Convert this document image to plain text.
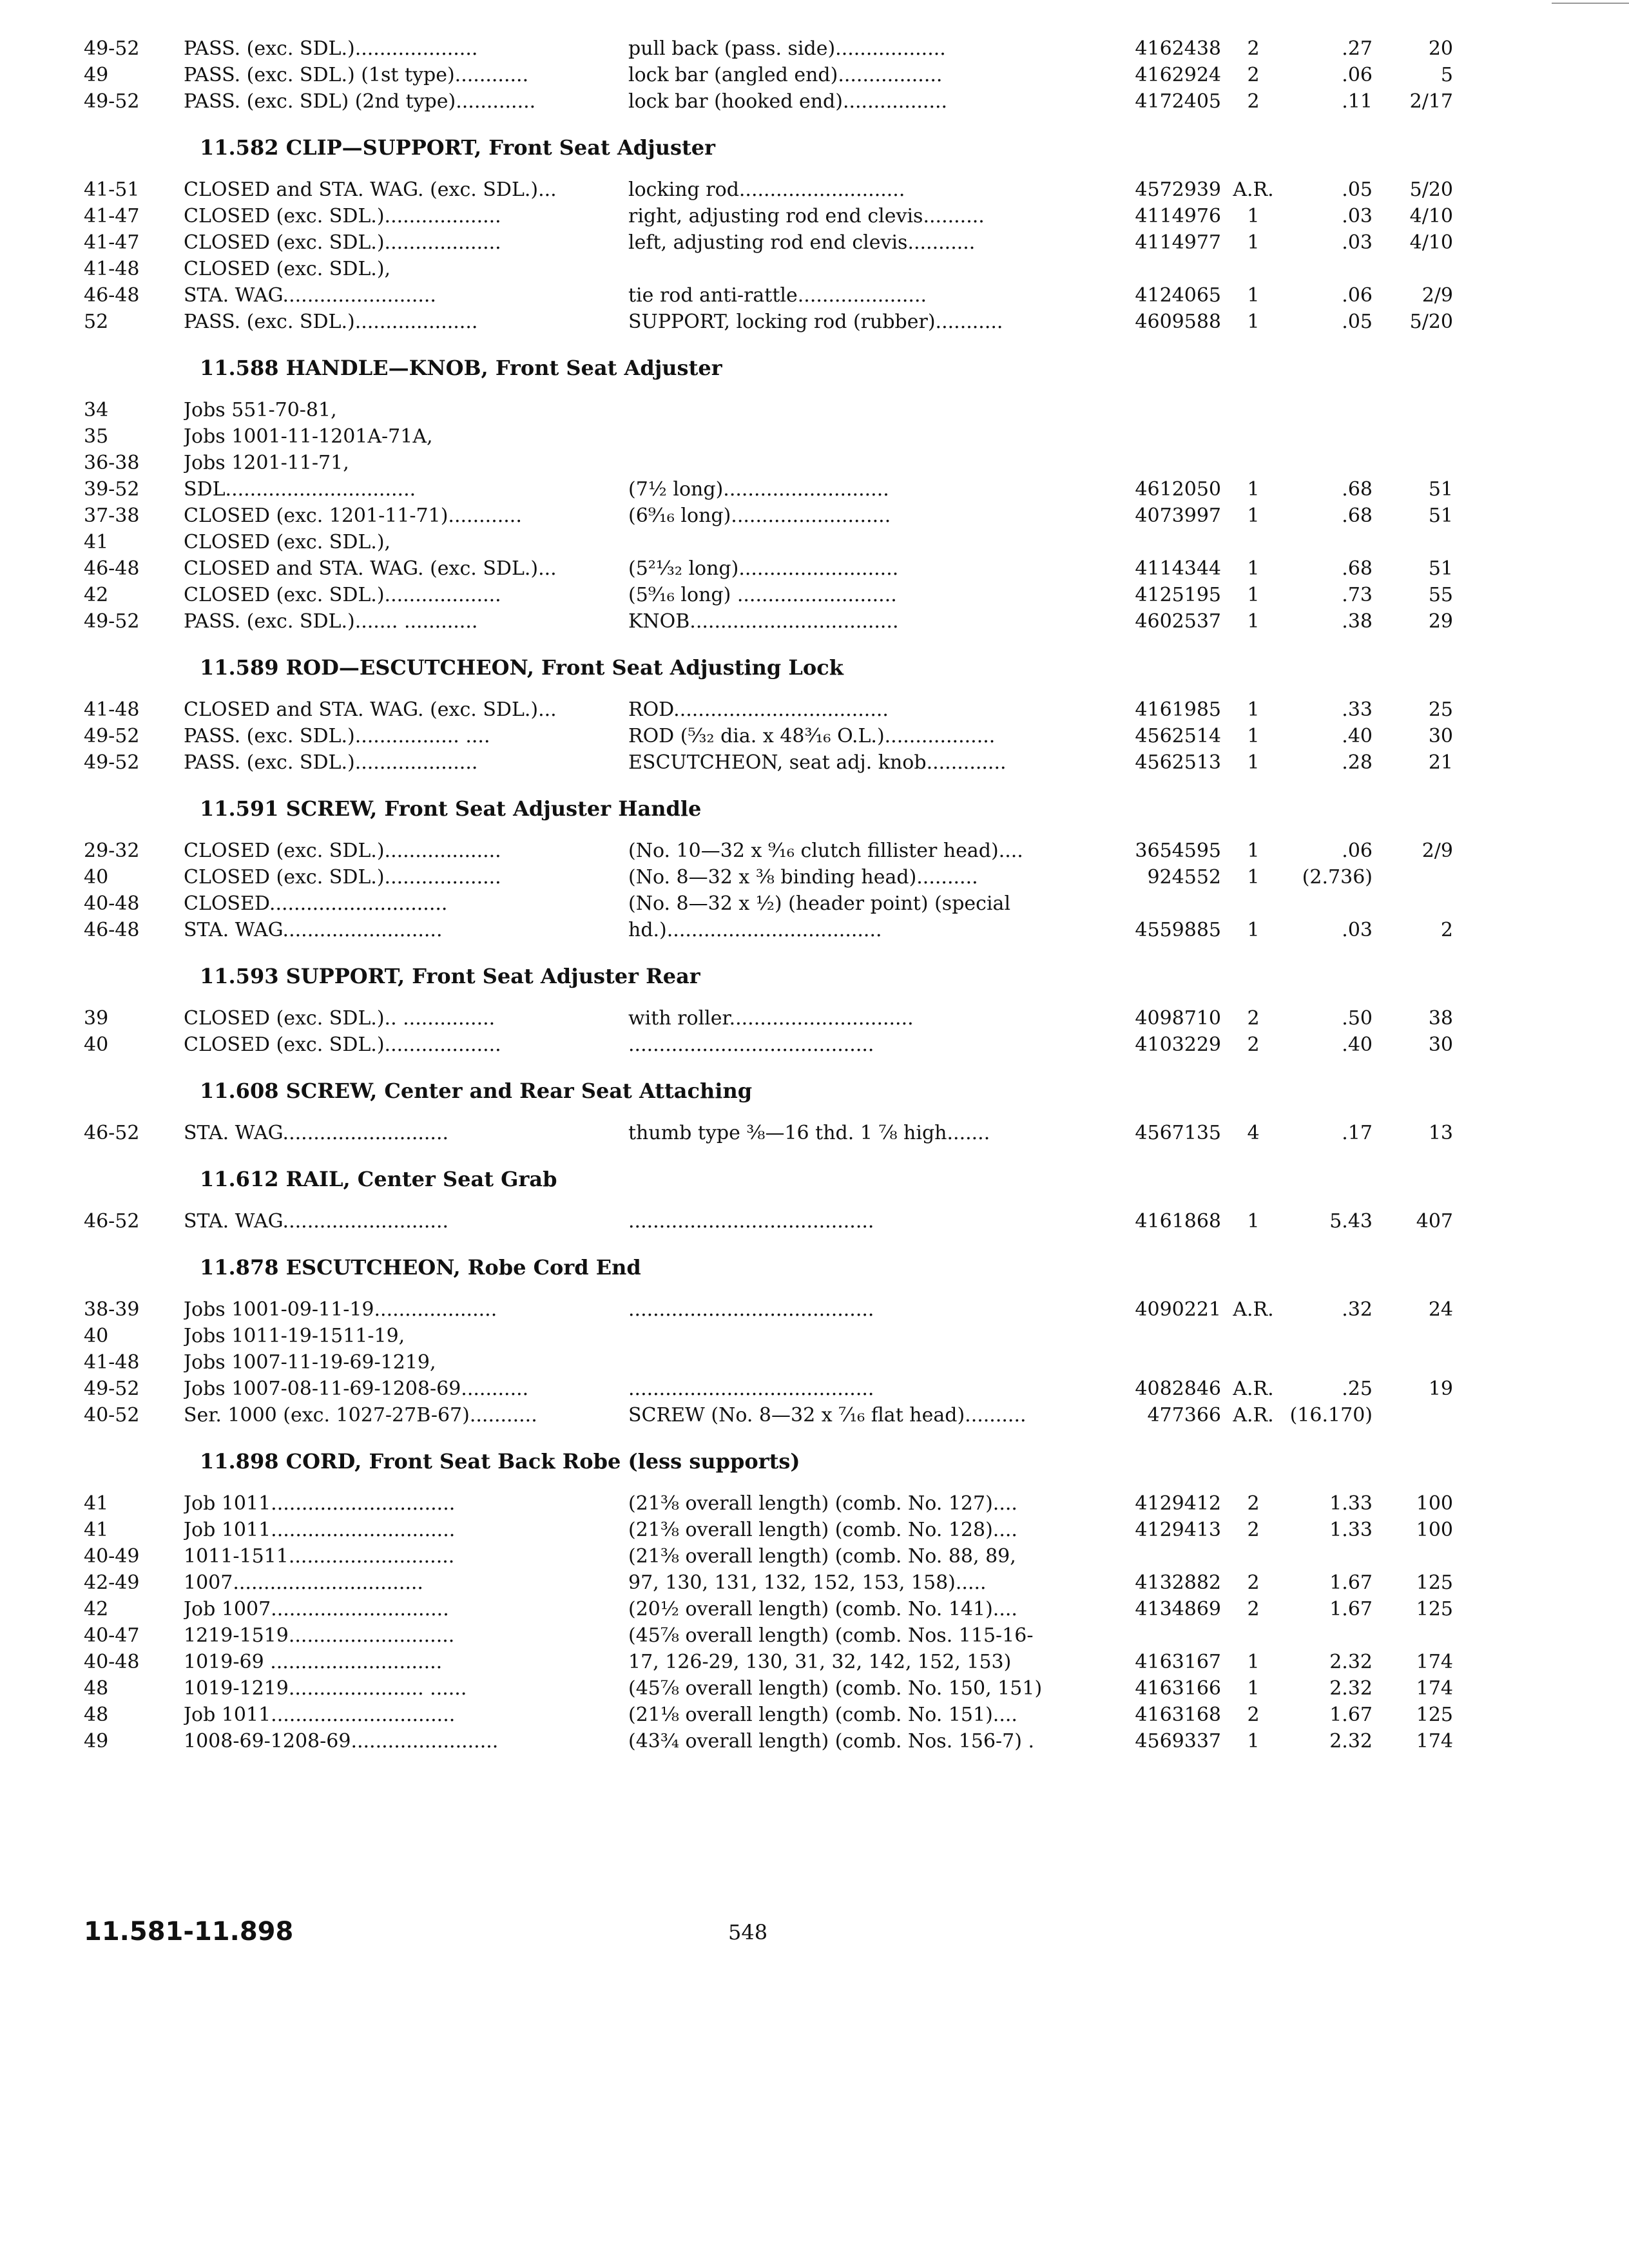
49-52	PASS. (exc. SDL.)....................	pull back (pass. side)..................	4162438	2	.27	20
49	PASS. (exc. SDL.) (1st type)............	lock bar (angled end).................	4162924	2	.06	5
49-52	PASS. (exc. SDL) (2nd type).............	lock bar (hooked end).................	4172405	2	.11	2/17
11.582 CLIP—SUPPORT, Front Seat Adjuster
41-51	CLOSED and STA. WAG. (exc. SDL.)...	locking rod...........................	4572939 A.R.	.05	5/20
41-47	CLOSED (exc. SDL.)...................	right, adjusting rod end clevis..........	4114976	1	.03	4/10
41-47	CLOSED (exc. SDL.)...................	left, adjusting rod end clevis...........	4114977	1	.03	4/10
41-48	CLOSED (exc. SDL.),
46-48	STA. WAG.........................	tie rod anti-rattle.....................	4124065	1	.06	2/9
52	PASS. (exc. SDL.)....................	SUPPORT, locking rod (rubber)...........	4609588	1	.05	5/20
11.588 HANDLE—KNOB, Front Seat Adjuster
34	Jobs 551-70-81,
35	Jobs 1001-11-1201A-71A,
36-38	Jobs 1201-11-71,
39-52	SDL...............................	(7½ long)...........................	4612050	1	.68	51
37-38	CLOSED (exc. 1201-11-71)............	(6⁹⁄₁₆ long)..........................	4073997	1	.68	51
41	CLOSED (exc. SDL.),
46-48	CLOSED and STA. WAG. (exc. SDL.)...	(5²¹⁄₃₂ long)..........................	4114344	1	.68	51
42	CLOSED (exc. SDL.)...................	(5⁹⁄₁₆ long) ..........................	4125195	1	.73	55
49-52	PASS. (exc. SDL.)....... ............	KNOB..................................	4602537	1	.38	29
11.589 ROD—ESCUTCHEON, Front Seat Adjusting Lock
41-48	CLOSED and STA. WAG. (exc. SDL.)...	ROD...................................	4161985	1	.33	25
49-52	PASS. (exc. SDL.)................. ....	ROD (⁵⁄₃₂ dia. x 48³⁄₁₆ O.L.)..................	4562514	1	.40	30
49-52	PASS. (exc. SDL.)....................	ESCUTCHEON, seat adj. knob.............	4562513	1	.28	21
11.591 SCREW, Front Seat Adjuster Handle
29-32	CLOSED (exc. SDL.)...................	(No. 10—32 x ⁹⁄₁₆ clutch fillister head)....	3654595	1	.06	2/9
40	CLOSED (exc. SDL.)...................	(No. 8—32 x ⅜ binding head)..........	924552	1	(2.736)
40-48	CLOSED.............................	(No. 8—32 x ½) (header point) (special
46-48	STA. WAG..........................	hd.)...................................	4559885	1	.03	2
11.593 SUPPORT, Front Seat Adjuster Rear
39	CLOSED (exc. SDL.).. ...............	with roller..............................	4098710	2	.50	38
40	CLOSED (exc. SDL.)...................	........................................	4103229	2	.40	30
11.608 SCREW, Center and Rear Seat Attaching
46-52	STA. WAG...........................	thumb type ⅜—16 thd. 1 ⅞ high.......	4567135	4	.17	13
11.612 RAIL, Center Seat Grab
46-52	STA. WAG...........................	........................................	4161868	1	5.43	407
11.878 ESCUTCHEON, Robe Cord End
38-39	Jobs 1001-09-11-19....................	........................................	4090221 A.R.	.32	24
40	Jobs 1011-19-1511-19,
41-48	Jobs 1007-11-19-69-1219,
49-52	Jobs 1007-08-11-69-1208-69...........	........................................	4082846 A.R.	.25	19
40-52	Ser. 1000 (exc. 1027-27B-67)...........	SCREW (No. 8—32 x ⁷⁄₁₆ flat head)..........	477366 A.R. (16.170)
11.898 CORD, Front Seat Back Robe (less supports)
41	Job 1011..............................	(21⅜ overall length) (comb. No. 127)....	4129412	2	1.33	100
41	Job 1011..............................	(21⅜ overall length) (comb. No. 128)....	4129413	2	1.33	100
40-49	1011-1511...........................	(21⅜ overall length) (comb. No. 88, 89,
42-49	1007...............................	97, 130, 131, 132, 152, 153, 158).....	4132882	2	1.67	125
42	Job 1007.............................	(20½ overall length) (comb. No. 141)....	4134869	2	1.67	125
40-47	1219-1519...........................	(45⅞ overall length) (comb. Nos. 115-16-
40-48	1019-69 ............................	17, 126-29, 130, 31, 32, 142, 152, 153)	4163167	1	2.32	174
48	1019-1219...................... ......	(45⅞ overall length) (comb. No. 150, 151)	4163166	1	2.32	174
48	Job 1011..............................	(21⅛ overall length) (comb. No. 151)....	4163168	2	1.67	125
49	1008-69-1208-69........................	(43¾ overall length) (comb. Nos. 156-7) .	4569337	1	2.32	174
11.581-11.898	548
